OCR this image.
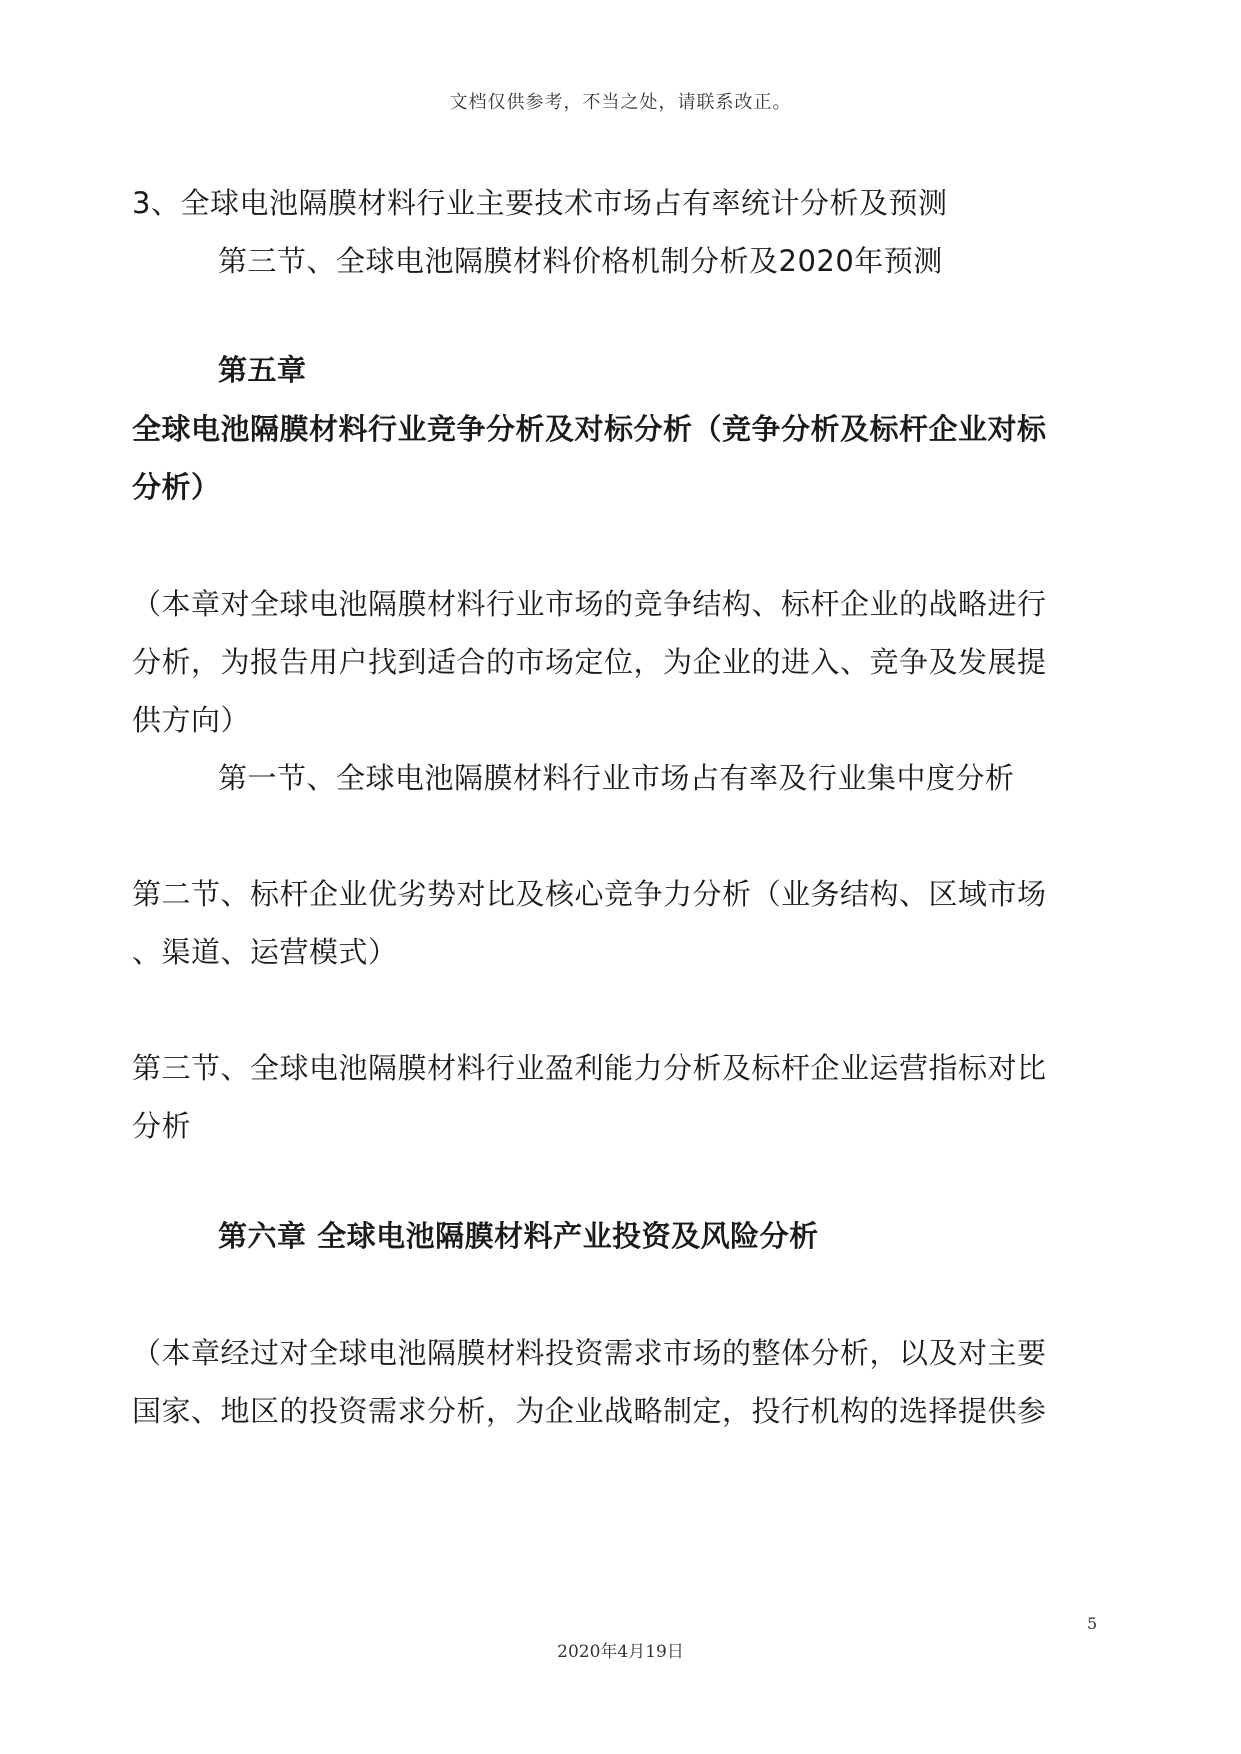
文档仅供参考，不当之处，请联系改正。
3、全球电池隔膜材料行业主要技术市场占有率统计分析及预测
第三节、全球电池隔膜材料价格机制分析及2020年预测
第五章
全球电池隔膜材料行业竞争分析及对标分析（竞争分析及标杆企业对标
分析）
（本章对全球电池隔膜材料行业市场的竞争结构、标杆企业的战略进行
分析，为报告用户找到适合的市场定位，为企业的进入、竞争及发展提
供方向）
第一节、全球电池隔膜材料行业市场占有率及行业集中度分析
第二节、标杆企业优劣势对比及核心竞争力分析（业务结构、区域市场
、渠道、运营模式）
第三节、全球电池隔膜材料行业盈利能力分析及标杆企业运营指标对比
分析
第六章 全球电池隔膜材料产业投资及风险分析
（本章经过对全球电池隔膜材料投资需求市场的整体分析，以及对主要
国家、地区的投资需求分析，为企业战略制定，投行机构的选择提供参
5
2020年4月19日
